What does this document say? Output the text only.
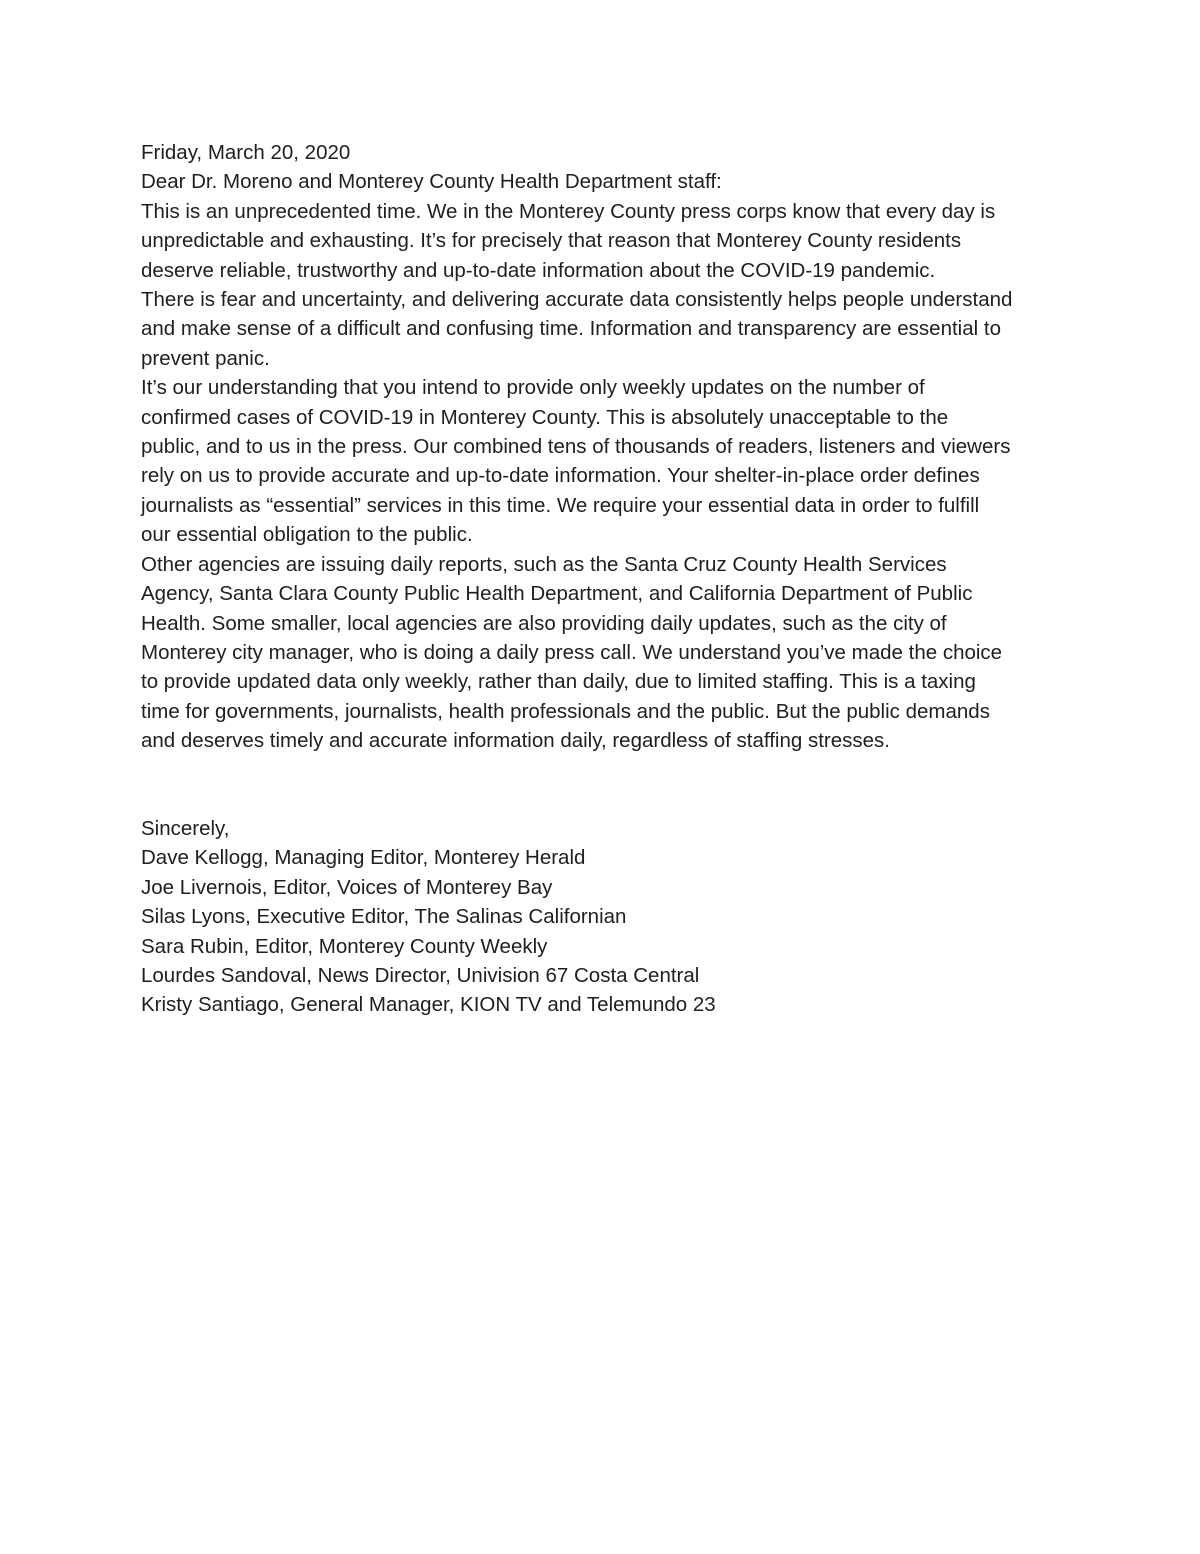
Friday, March 20, 2020

Dear Dr. Moreno and Monterey County Health Department staff:

This is an unprecedented time. We in the Monterey County press corps know that every day is
unpredictable and exhausting. It’s for precisely that reason that Monterey County residents
deserve reliable, trustworthy and up-to-date information about the COVID-19 pandemic.

There is fear and uncertainty, and delivering accurate data consistently helps people understand
and make sense of a difficult and confusing time. Information and transparency are essential to
prevent panic.

It’s our understanding that you intend to provide only weekly updates on the number of
confirmed cases of COVID-19 in Monterey County. This is absolutely unacceptable to the
public, and to us in the press. Our combined tens of thousands of readers, listeners and viewers
rely on us to provide accurate and up-to-date information. Your shelter-in-place order defines
journalists as “essential” services in this time. We require your essential data in order to fulfill
our essential obligation to the public.

Other agencies are issuing daily reports, such as the Santa Cruz County Health Services
Agency, Santa Clara County Public Health Department, and California Department of Public
Health. Some smaller, local agencies are also providing daily updates, such as the city of
Monterey city manager, who is doing a daily press call. We understand you’ve made the choice
to provide updated data only weekly, rather than daily, due to limited staffing. This is a taxing
time for governments, journalists, health professionals and the public. But the public demands
and deserves timely and accurate information daily, regardless of staffing stresses.

Sincerely,

Dave Kellogg, Managing Editor, Monterey Herald

Joe Livernois, Editor, Voices of Monterey Bay

Silas Lyons, Executive Editor, The Salinas Californian

Sara Rubin, Editor, Monterey County Weekly

Lourdes Sandoval, News Director, Univision 67 Costa Central

Kristy Santiago, General Manager, KION TV and Telemundo 23
